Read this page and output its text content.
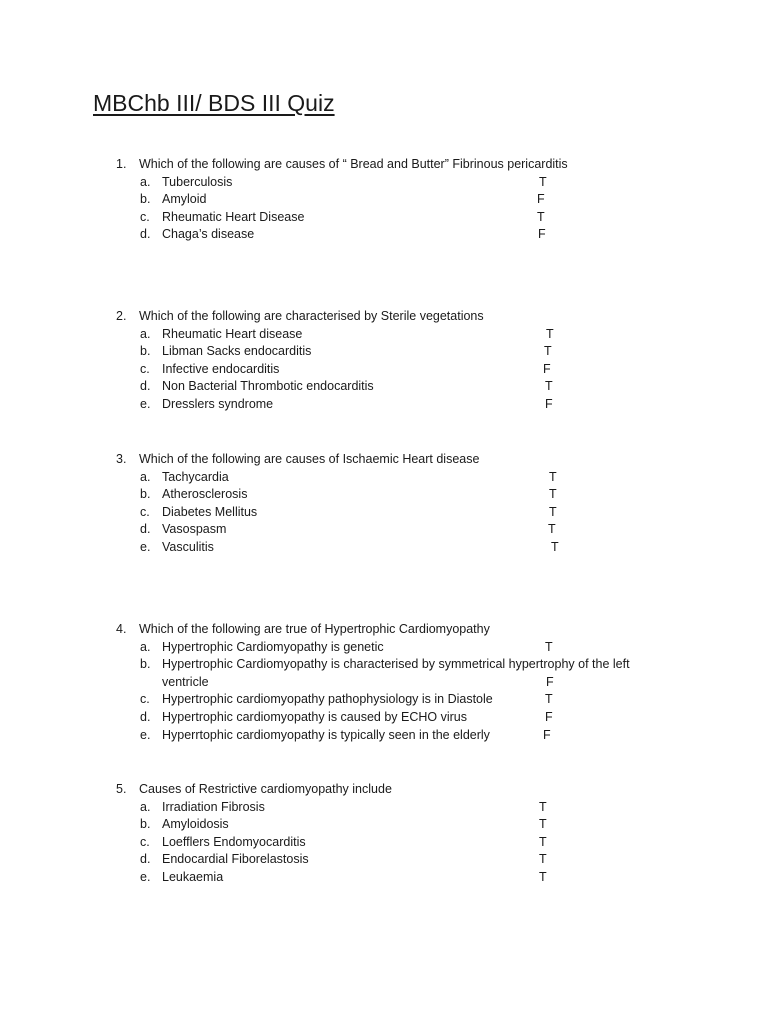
MBChb III/ BDS III Quiz
1. Which of the following are causes of “ Bread and Butter” Fibrinous pericarditis
a. Tuberculosis	T
b. Amyloid	F
c. Rheumatic Heart Disease	T
d. Chaga’s disease	F
2. Which of the following are characterised by Sterile vegetations
a. Rheumatic Heart disease	T
b. Libman Sacks endocarditis	T
c. Infective endocarditis	F
d. Non Bacterial Thrombotic endocarditis	T
e. Dresslers syndrome	F
3. Which of the following are causes of Ischaemic Heart disease
a. Tachycardia	T
b. Atherosclerosis	T
c. Diabetes Mellitus	T
d. Vasospasm	T
e. Vasculitis	T
4. Which of the following are true of Hypertrophic Cardiomyopathy
a. Hypertrophic Cardiomyopathy is genetic	T
b. Hypertrophic Cardiomyopathy is characterised by symmetrical hypertrophy of the left
ventricle	F
c. Hypertrophic cardiomyopathy pathophysiology is in Diastole	T
d. Hypertrophic cardiomyopathy is caused by ECHO virus	F
e. Hyperrtophic cardiomyopathy is typically seen in the elderly	F
5. Causes of Restrictive cardiomyopathy include
a. Irradiation Fibrosis	T
b. Amyloidosis	T
c. Loefflers Endomyocarditis	T
d. Endocardial Fiborelastosis	T
e. Leukaemia	T
